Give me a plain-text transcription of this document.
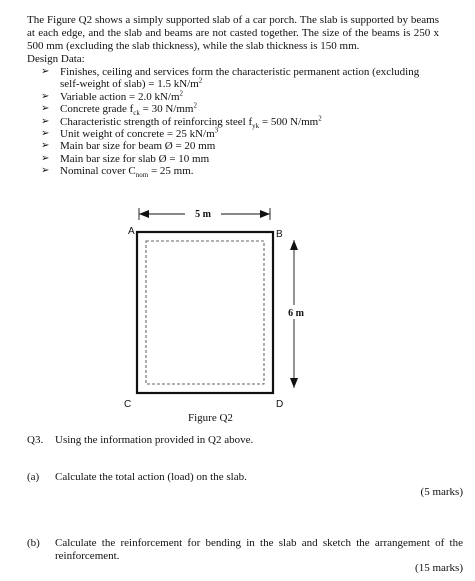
The Figure Q2 shows a simply supported slab of a car porch. The slab is supported by beams at each edge, and the slab and beams are not casted together. The size of the beams is 250 x 500 mm (excluding the slab thickness), while the slab thickness is 150 mm.
Design Data:
➢ Finishes, ceiling and services form the characteristic permanent action (excluding self-weight of slab) = 1.5 $kN/m^2$
➢ Variable action = 2.0 $kN/m^2$
➢ Concrete grade $f_{ck} = 30$ $N/mm^2$
➢ Characteristic strength of reinforcing steel $f_{yk} = 500$ $N/mm^2$
➢ Unit weight of concrete = 25 $kN/m^3$
➢ Main bar size for beam Ø = 20 mm
➢ Main bar size for slab Ø = 10 mm
➢ Nominal cover $C_{nom} = 25$ mm.
5 m
6 m
A	B
C	D
Figure Q2
Q3. Using the information provided in Q2 above.
(a) Calculate the total action (load) on the slab.
(5 marks)
(b) Calculate the reinforcement for bending in the slab and sketch the arrangement of the reinforcement.
(15 marks)
